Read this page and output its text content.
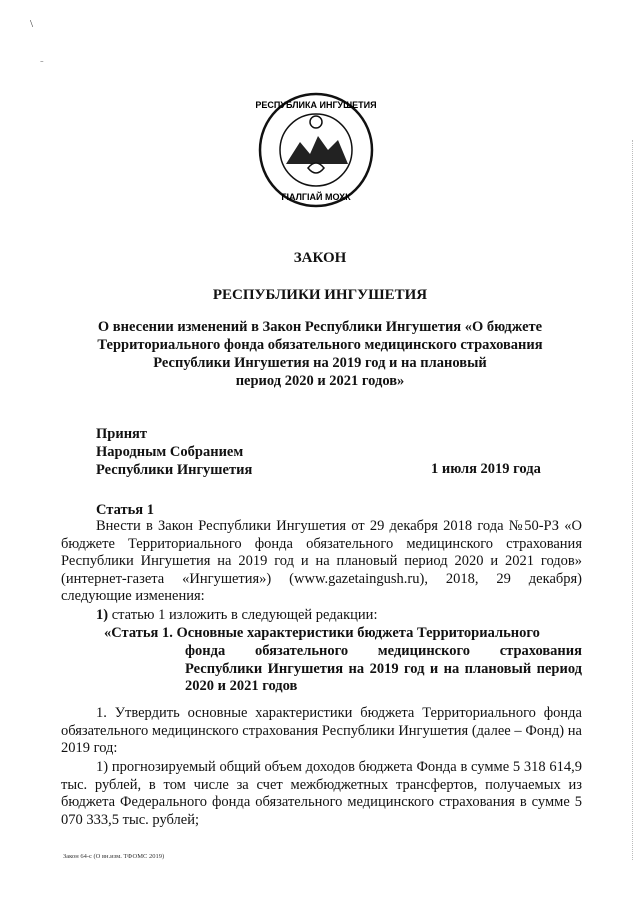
\
-
РЕСПУБЛИКА ИНГУШЕТИЯ
ГІАЛГІАЙ МОХК
ЗАКОН
РЕСПУБЛИКИ ИНГУШЕТИЯ
О внесении изменений в Закон Республики Ингушетия «О бюджете
Территориального фонда обязательного медицинского страхования
Республики Ингушетия на 2019 год и на плановый
период 2020 и 2021 годов»
Принят
Народным Собранием
Республики Ингушетия	1 июля 2019 года
Статья 1
Внести в Закон Республики Ингушетия от 29 декабря 2018 года №50-РЗ «О бюджете Территориального фонда обязательного медицинского страхования Республики Ингушетия на 2019 год и на плановый период 2020 и 2021 годов» (интернет-газета «Ингушетия») (www.gazetaingush.ru), 2018, 29 декабря) следующие изменения:
1) статью 1 изложить в следующей редакции:
«Статья 1. Основные характеристики бюджета Территориального
фонда обязательного медицинского страхования Республики Ингушетия на 2019 год и на плановый период 2020 и 2021 годов
1. Утвердить основные характеристики бюджета Территориального фонда обязательного медицинского страхования Республики Ингушетия (далее – Фонд) на 2019 год:
1) прогнозируемый общий объем доходов бюджета Фонда в сумме 5 318 614,9 тыс. рублей, в том числе за счет межбюджетных трансфертов, получаемых из бюджета Федерального фонда обязательного медицинского страхования в сумме 5 070 333,5 тыс. рублей;
Закон 64-с (О вн.изм. ТФОМС 2019)
